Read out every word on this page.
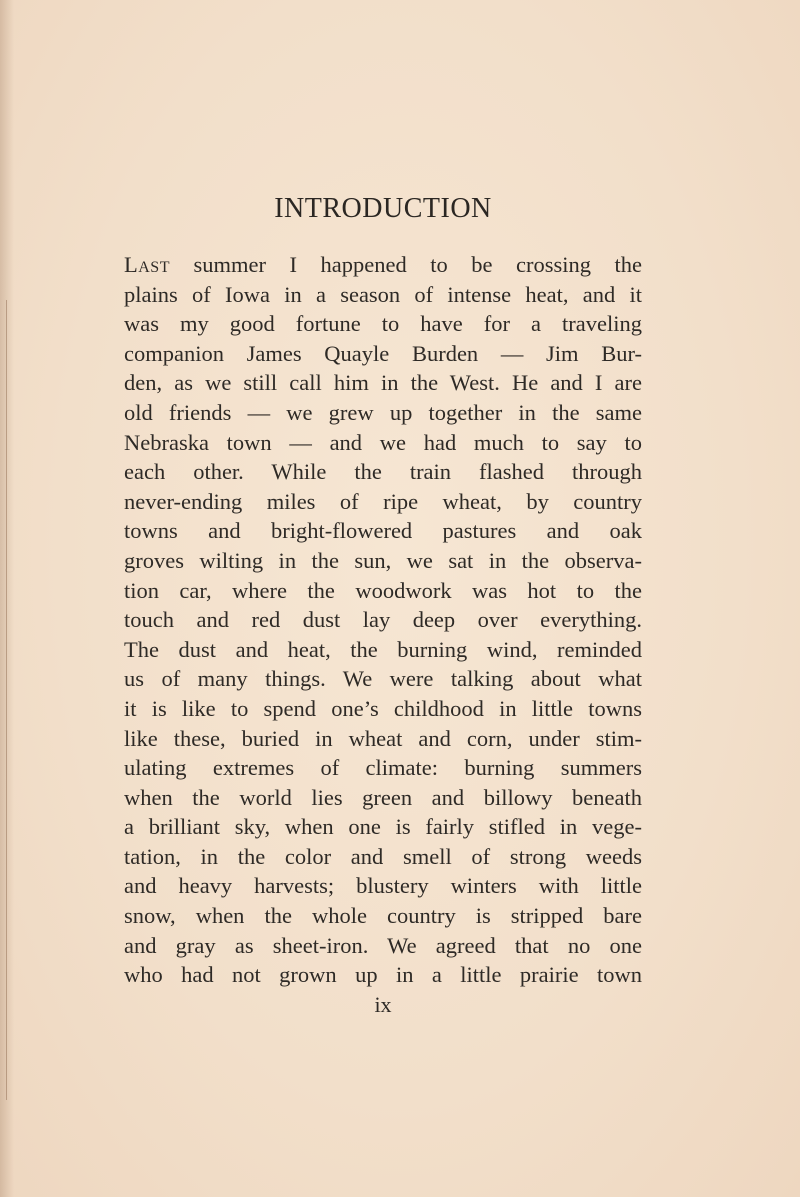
INTRODUCTION
Last summer I happened to be crossing the
plains of Iowa in a season of intense heat, and it
was my good fortune to have for a traveling
companion James Quayle Burden — Jim Bur-
den, as we still call him in the West. He and I are
old friends — we grew up together in the same
Nebraska town — and we had much to say to
each other. While the train flashed through
never-ending miles of ripe wheat, by country
towns and bright-flowered pastures and oak
groves wilting in the sun, we sat in the observa-
tion car, where the woodwork was hot to the
touch and red dust lay deep over everything.
The dust and heat, the burning wind, reminded
us of many things. We were talking about what
it is like to spend one’s childhood in little towns
like these, buried in wheat and corn, under stim-
ulating extremes of climate: burning summers
when the world lies green and billowy beneath
a brilliant sky, when one is fairly stifled in vege-
tation, in the color and smell of strong weeds
and heavy harvests; blustery winters with little
snow, when the whole country is stripped bare
and gray as sheet-iron. We agreed that no one
who had not grown up in a little prairie town
ix
